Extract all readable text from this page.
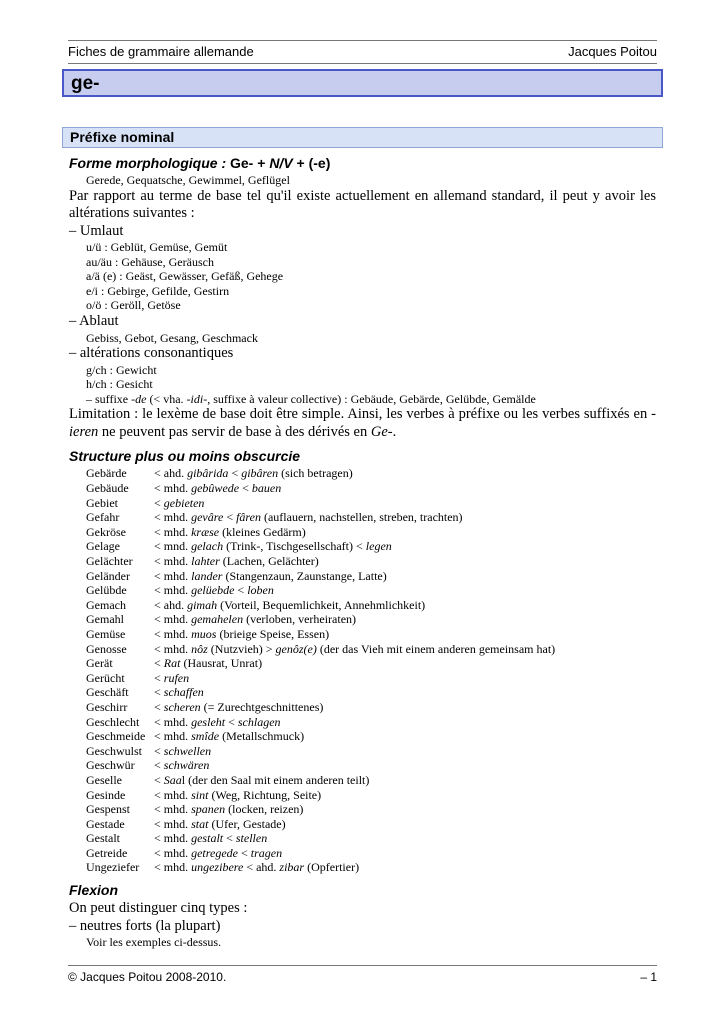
Fiches de grammaire allemande	Jacques Poitou
ge-
Préfixe nominal
Forme morphologique : Ge- + N/V + (-e)
Gerede, Gequatsche, Gewimmel, Geflügel
Par rapport au terme de base tel qu'il existe actuellement en allemand standard, il peut y avoir les altérations suivantes :
– Umlaut
u/ü : Geblüt, Gemüse, Gemüt
au/äu : Gehäuse, Geräusch
a/ä (e) : Geäst, Gewässer, Gefäß, Gehege
e/i : Gebirge, Gefilde, Gestirn
o/ö : Geröll, Getöse
– Ablaut
Gebiss, Gebot, Gesang, Geschmack
– altérations consonantiques
g/ch : Gewicht
h/ch : Gesicht
– suffixe -de (< vha. -idi-, suffixe à valeur collective) : Gebäude, Gebärde, Gelübde, Gemälde
Limitation : le lexème de base doit être simple. Ainsi, les verbes à préfixe ou les verbes suffixés en -ieren ne peuvent pas servir de base à des dérivés en Ge-.
Structure plus ou moins obscurcie
Gebärde	< ahd. gibârida < gibâren (sich betragen)
Gebäude	< mhd. gebûwede < bauen
Gebiet	< gebieten
Gefahr	< mhd. gevâre < fâren (auflauern, nachstellen, streben, trachten)
Gekröse	< mhd. kræse (kleines Gedärm)
Gelage	< mnd. gelach (Trink-, Tischgesellschaft) < legen
Gelächter	< mhd. lahter (Lachen, Gelächter)
Geländer	< mhd. lander (Stangenzaun, Zaunstange, Latte)
Gelübde	< mhd. gelüebde < loben
Gemach	< ahd. gimah (Vorteil, Bequemlichkeit, Annehmlichkeit)
Gemahl	< mhd. gemahelen (verloben, verheiraten)
Gemüse	< mhd. muos (brieige Speise, Essen)
Genosse	< mhd. nôz (Nutzvieh) > genôz(e) (der das Vieh mit einem anderen gemeinsam hat)
Gerät	< Rat (Hausrat, Unrat)
Gerücht	< rufen
Geschäft	< schaffen
Geschirr	< scheren (= Zurechtgeschnittenes)
Geschlecht	< mhd. gesleht < schlagen
Geschmeide < mhd. smîde (Metallschmuck)
Geschwulst	< schwellen
Geschwür	< schwären
Geselle	< Saal (der den Saal mit einem anderen teilt)
Gesinde	< mhd. sint (Weg, Richtung, Seite)
Gespenst	< mhd. spanen (locken, reizen)
Gestade	< mhd. stat (Ufer, Gestade)
Gestalt	< mhd. gestalt < stellen
Getreide	< mhd. getregede < tragen
Ungeziefer	< mhd. ungezibere < ahd. zibar (Opfertier)
Flexion
On peut distinguer cinq types :
– neutres forts (la plupart)
Voir les exemples ci-dessus.
© Jacques Poitou 2008-2010.	– 1
